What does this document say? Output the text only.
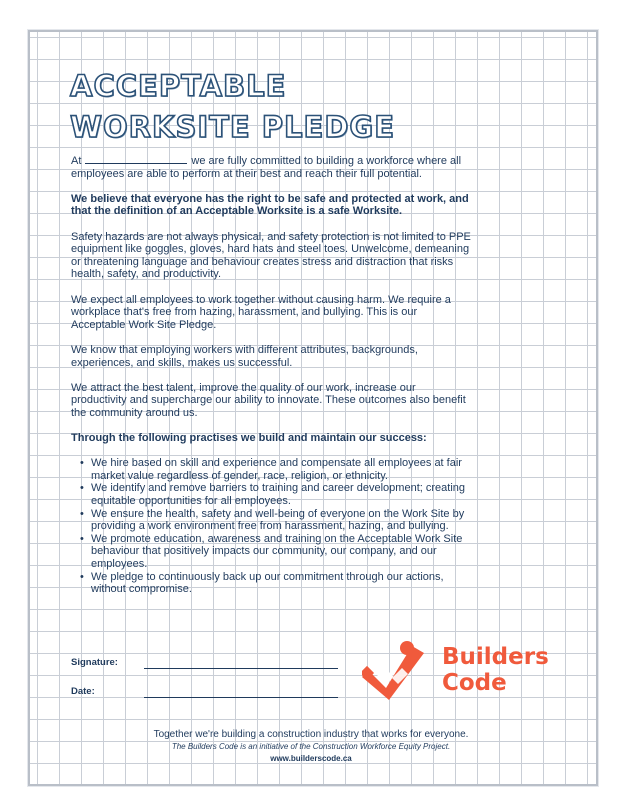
ACCEPTABLE
WORKSITE PLEDGE

At	we are fully committed to building a workforce where all employees are able to perform at their best and reach their full potential.

We believe that everyone has the right to be safe and protected at work, and that the definition of an Acceptable Worksite is a safe Worksite.

Safety hazards are not always physical, and safety protection is not limited to PPE equipment like goggles, gloves, hard hats and steel toes. Unwelcome, demeaning or threatening language and behaviour creates stress and distraction that risks health, safety, and productivity.

We expect all employees to work together without causing harm. We require a workplace that's free from hazing, harassment, and bullying. This is our Acceptable Work Site Pledge.

We know that employing workers with different attributes, backgrounds, experiences, and skills, makes us successful.

We attract the best talent, improve the quality of our work, increase our productivity and supercharge our ability to innovate. These outcomes also benefit the community around us.

Through the following practises we build and maintain our success:

• We hire based on skill and experience and compensate all employees at fair market value regardless of gender, race, religion, or ethnicity.
• We identify and remove barriers to training and career development; creating equitable opportunities for all employees.
• We ensure the health, safety and well-being of everyone on the Work Site by providing a work environment free from harassment, hazing, and bullying.
• We promote education, awareness and training on the Acceptable Work Site behaviour that positively impacts our community, our company, and our employees.
• We pledge to continuously back up our commitment through our actions, without compromise.
Signature:
Date:
Builders
Code
Together we're building a construction industry that works for everyone.
The Builders Code is an initiative of the Construction Workforce Equity Project.
www.builderscode.ca
